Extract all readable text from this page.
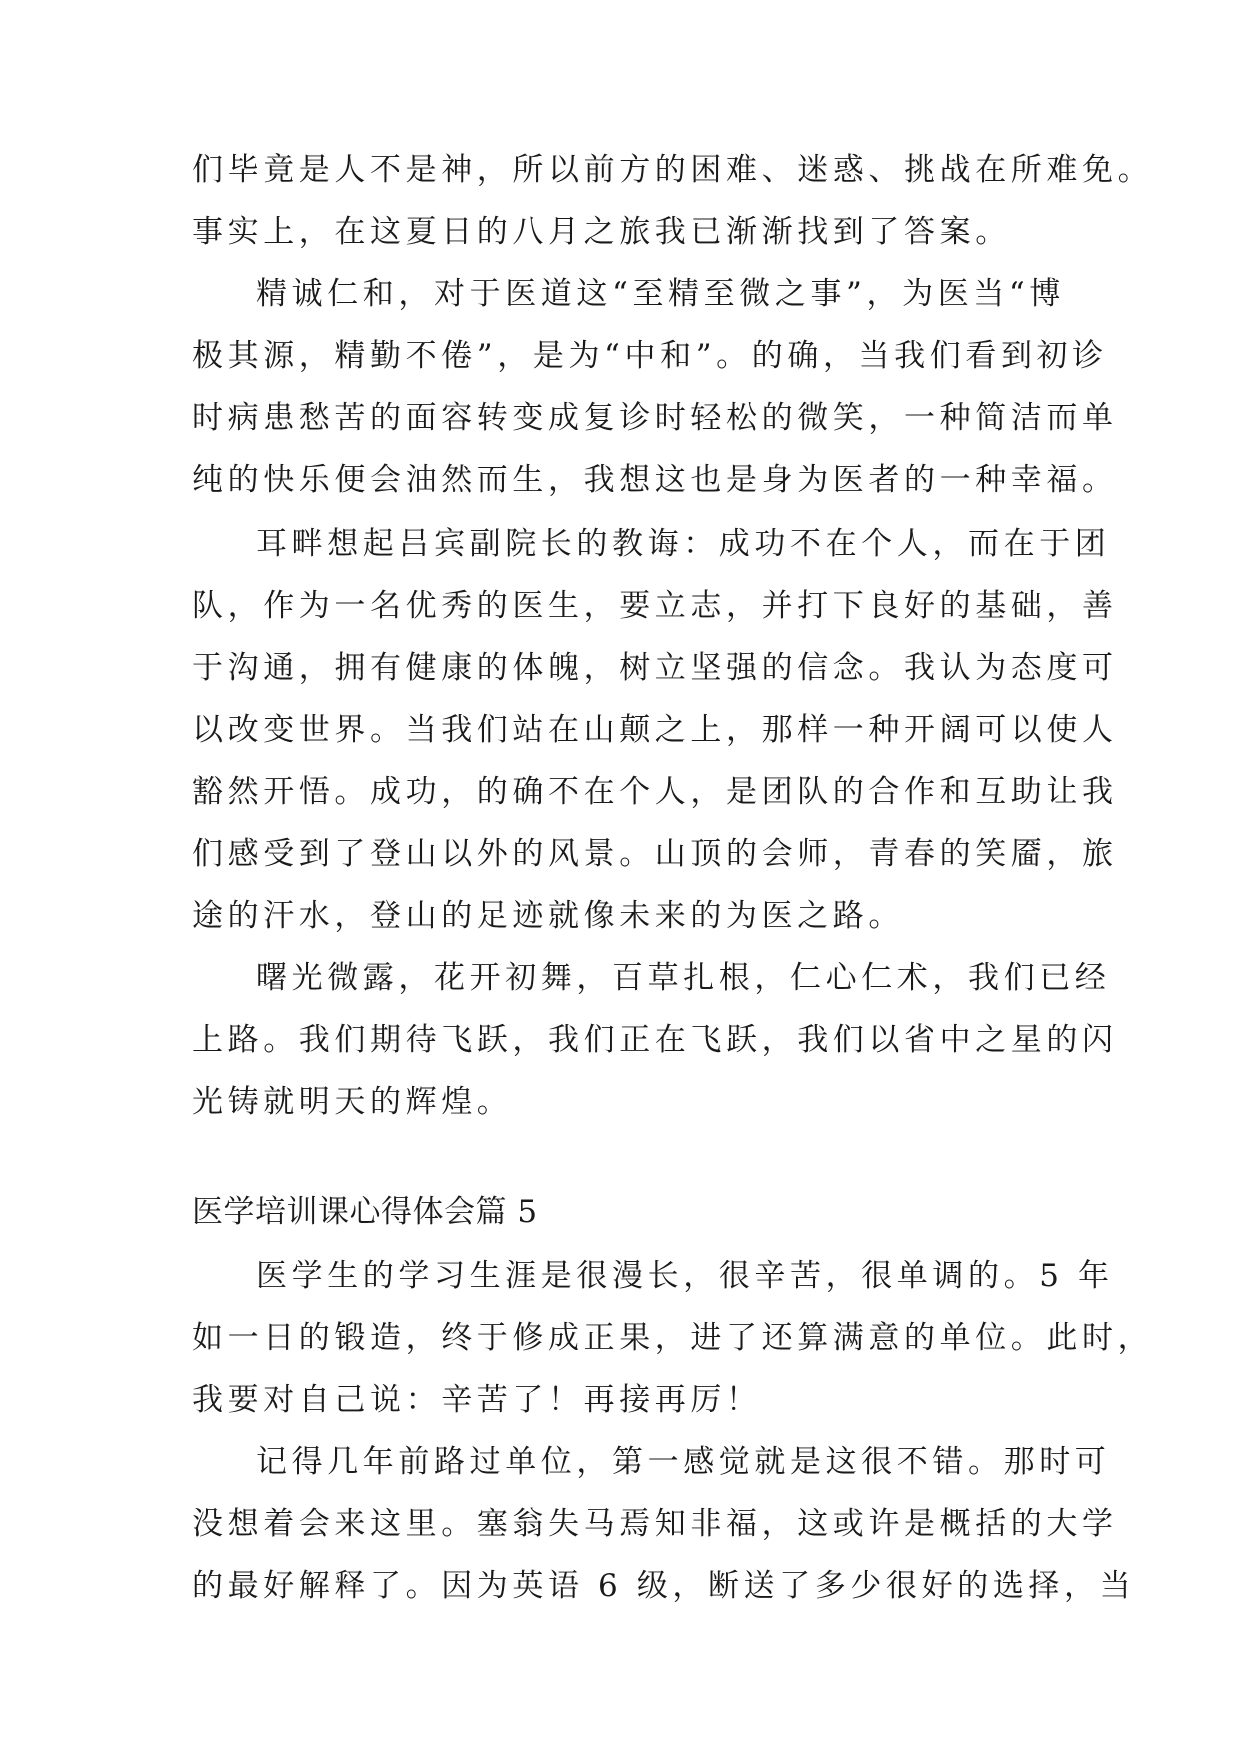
们毕竟是人不是神，所以前方的困难、迷惑、挑战在所难免。
事实上，在这夏日的八月之旅我已渐渐找到了答案。
精诚仁和，对于医道这“至精至微之事”，为医当“博
极其源，精勤不倦”，是为“中和”。的确，当我们看到初诊
时病患愁苦的面容转变成复诊时轻松的微笑，一种简洁而单
纯的快乐便会油然而生，我想这也是身为医者的一种幸福。
耳畔想起吕宾副院长的教诲：成功不在个人，而在于团
队，作为一名优秀的医生，要立志，并打下良好的基础，善
于沟通，拥有健康的体魄，树立坚强的信念。我认为态度可
以改变世界。当我们站在山颠之上，那样一种开阔可以使人
豁然开悟。成功，的确不在个人，是团队的合作和互助让我
们感受到了登山以外的风景。山顶的会师，青春的笑靥，旅
途的汗水，登山的足迹就像未来的为医之路。
曙光微露，花开初舞，百草扎根，仁心仁术，我们已经
上路。我们期待飞跃，我们正在飞跃，我们以省中之星的闪
光铸就明天的辉煌。
医学培训课心得体会篇 5
医学生的学习生涯是很漫长，很辛苦，很单调的。5 年
如一日的锻造，终于修成正果，进了还算满意的单位。此时，
我要对自己说：辛苦了！再接再厉！
记得几年前路过单位，第一感觉就是这很不错。那时可
没想着会来这里。塞翁失马焉知非福，这或许是概括的大学
的最好解释了。因为英语 6 级，断送了多少很好的选择，当
